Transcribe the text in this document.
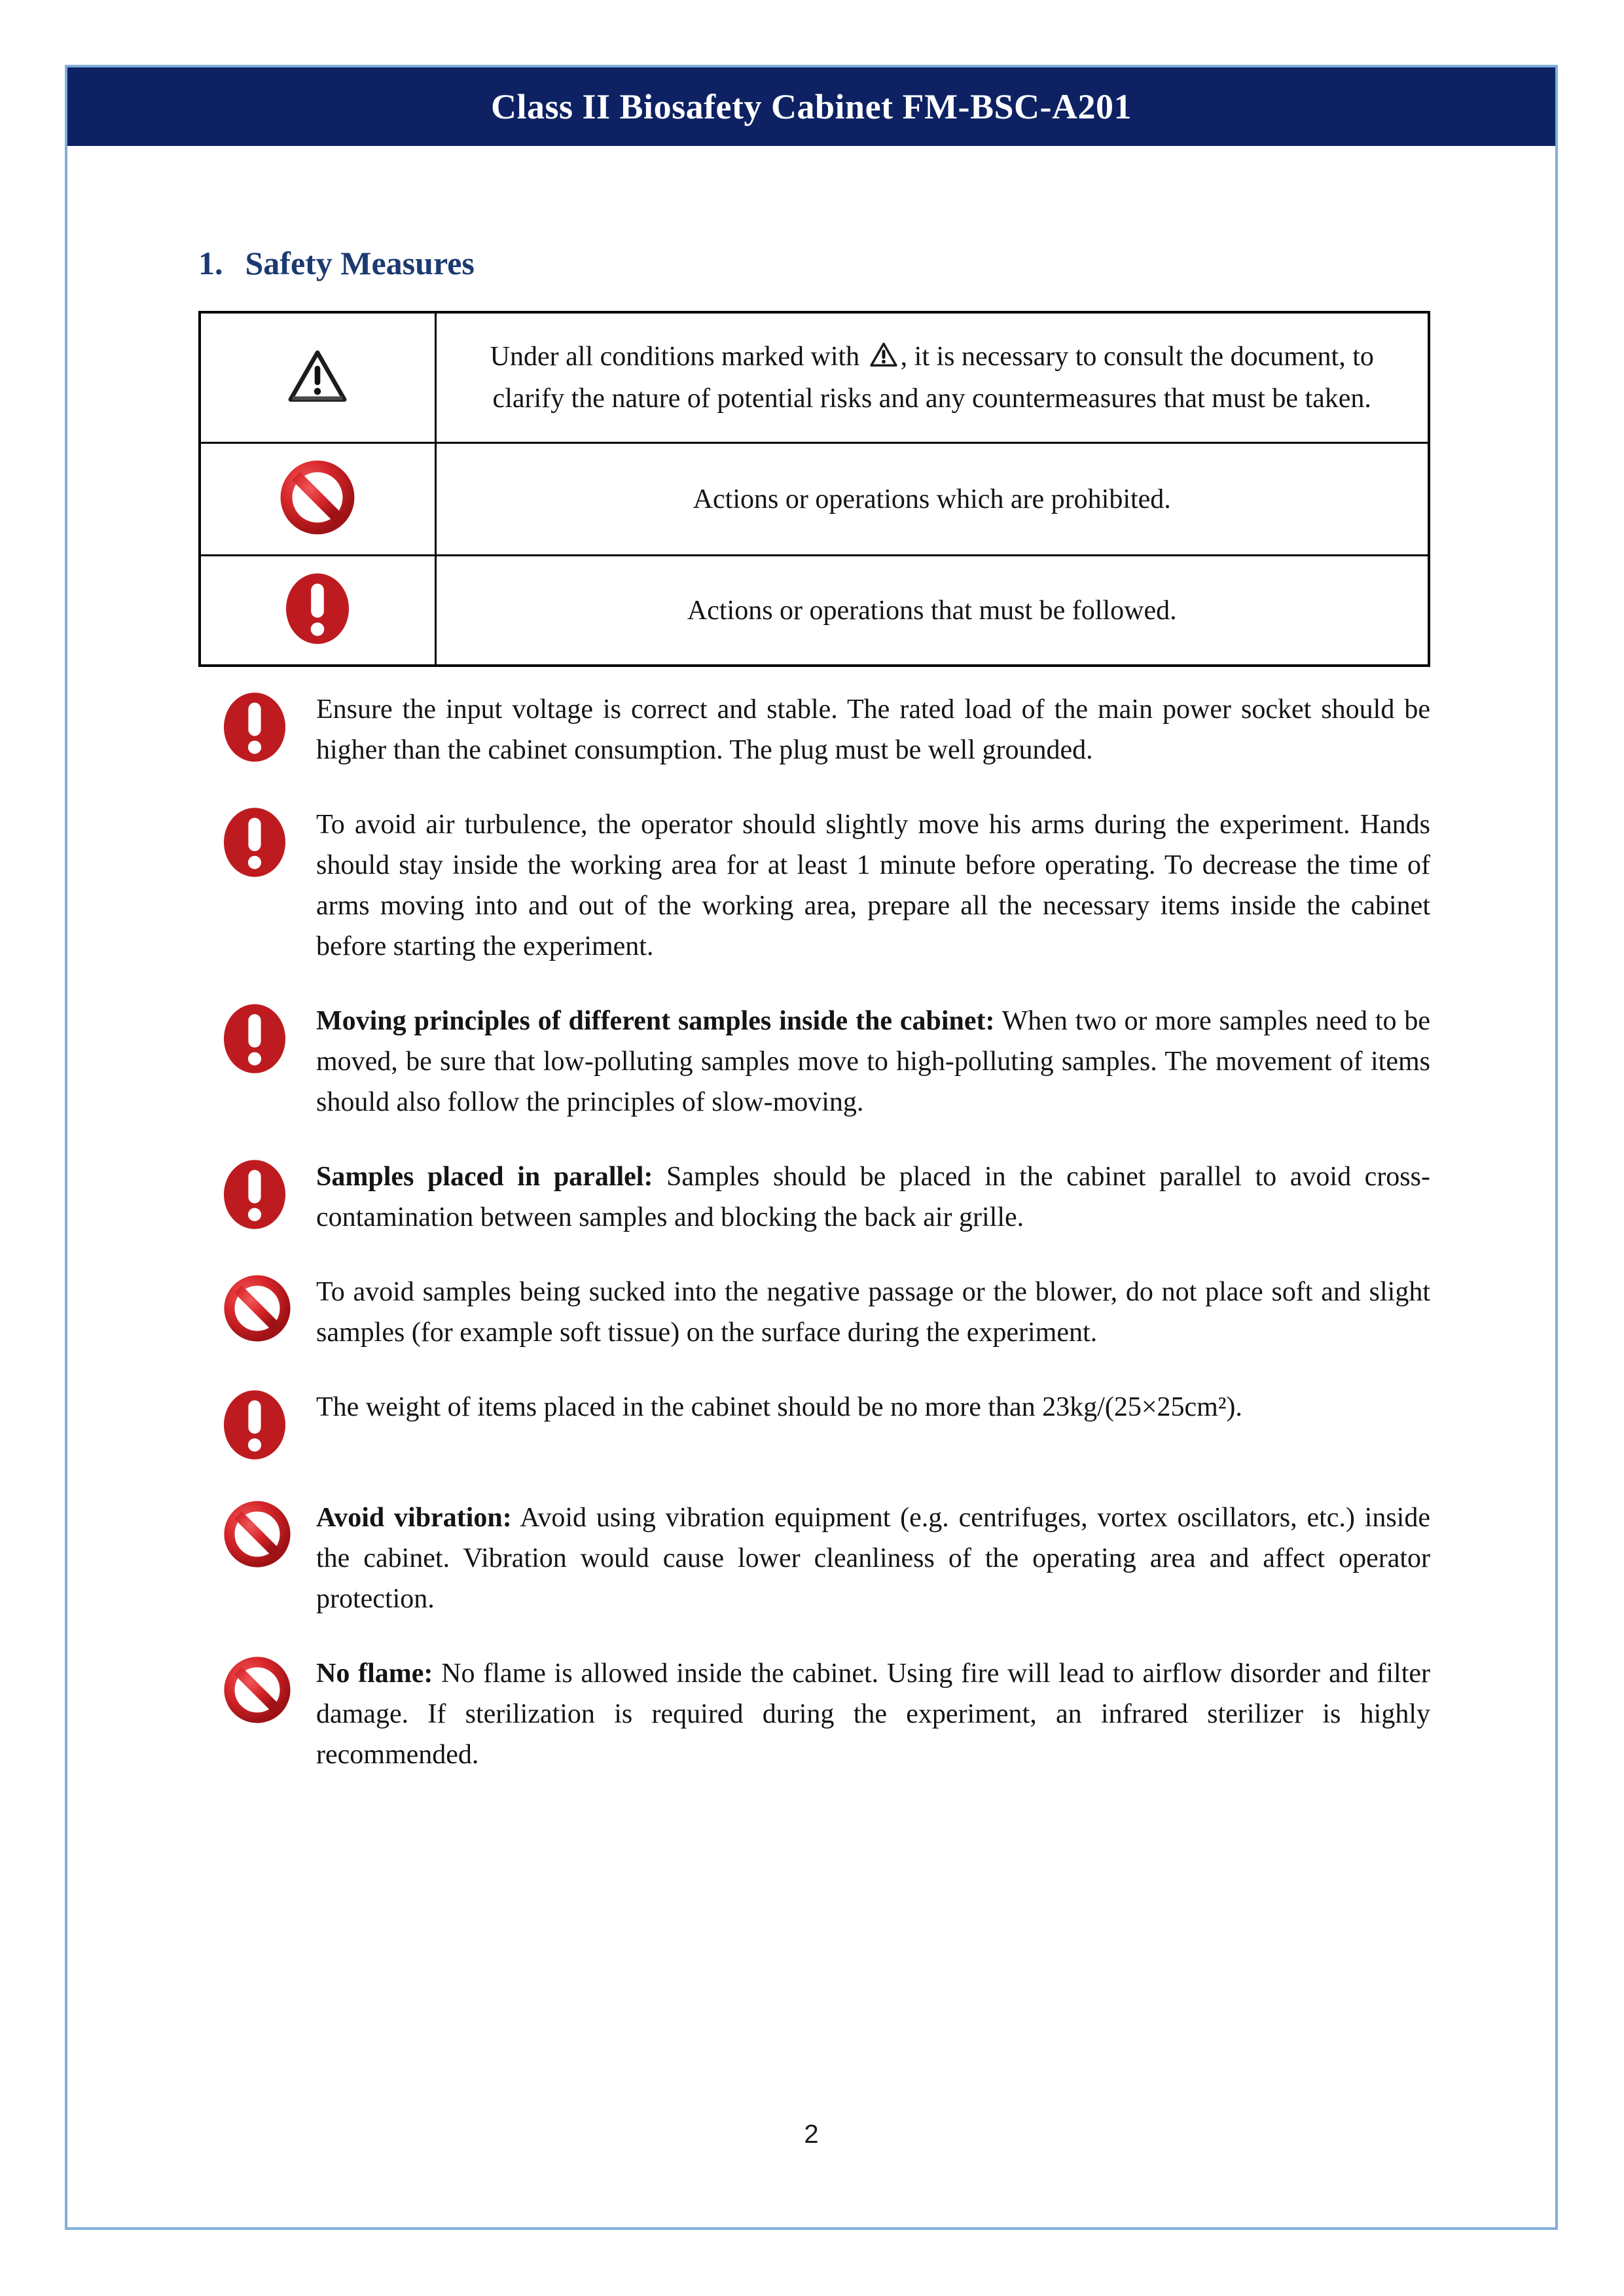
Class II Biosafety Cabinet FM-BSC-A201
1. Safety Measures
	Under all conditions marked with , it is necessary to consult the document, to clarify the nature of potential risks and any countermeasures that must be taken.
	Actions or operations which are prohibited.
	Actions or operations that must be followed.

Ensure the input voltage is correct and stable. The rated load of the main power socket should be higher than the cabinet consumption. The plug must be well grounded.

To avoid air turbulence, the operator should slightly move his arms during the experiment. Hands should stay inside the working area for at least 1 minute before operating. To decrease the time of arms moving into and out of the working area, prepare all the necessary items inside the cabinet before starting the experiment.

Moving principles of different samples inside the cabinet: When two or more samples need to be moved, be sure that low-polluting samples move to high-polluting samples. The movement of items should also follow the principles of slow-moving.

Samples placed in parallel: Samples should be placed in the cabinet parallel to avoid cross-contamination between samples and blocking the back air grille.

To avoid samples being sucked into the negative passage or the blower, do not place soft and slight samples (for example soft tissue) on the surface during the experiment.

The weight of items placed in the cabinet should be no more than 23kg/(25×25cm²).

Avoid vibration: Avoid using vibration equipment (e.g. centrifuges, vortex oscillators, etc.) inside the cabinet. Vibration would cause lower cleanliness of the operating area and affect operator protection.

No flame: No flame is allowed inside the cabinet. Using fire will lead to airflow disorder and filter damage. If sterilization is required during the experiment, an infrared sterilizer is highly recommended.

2
